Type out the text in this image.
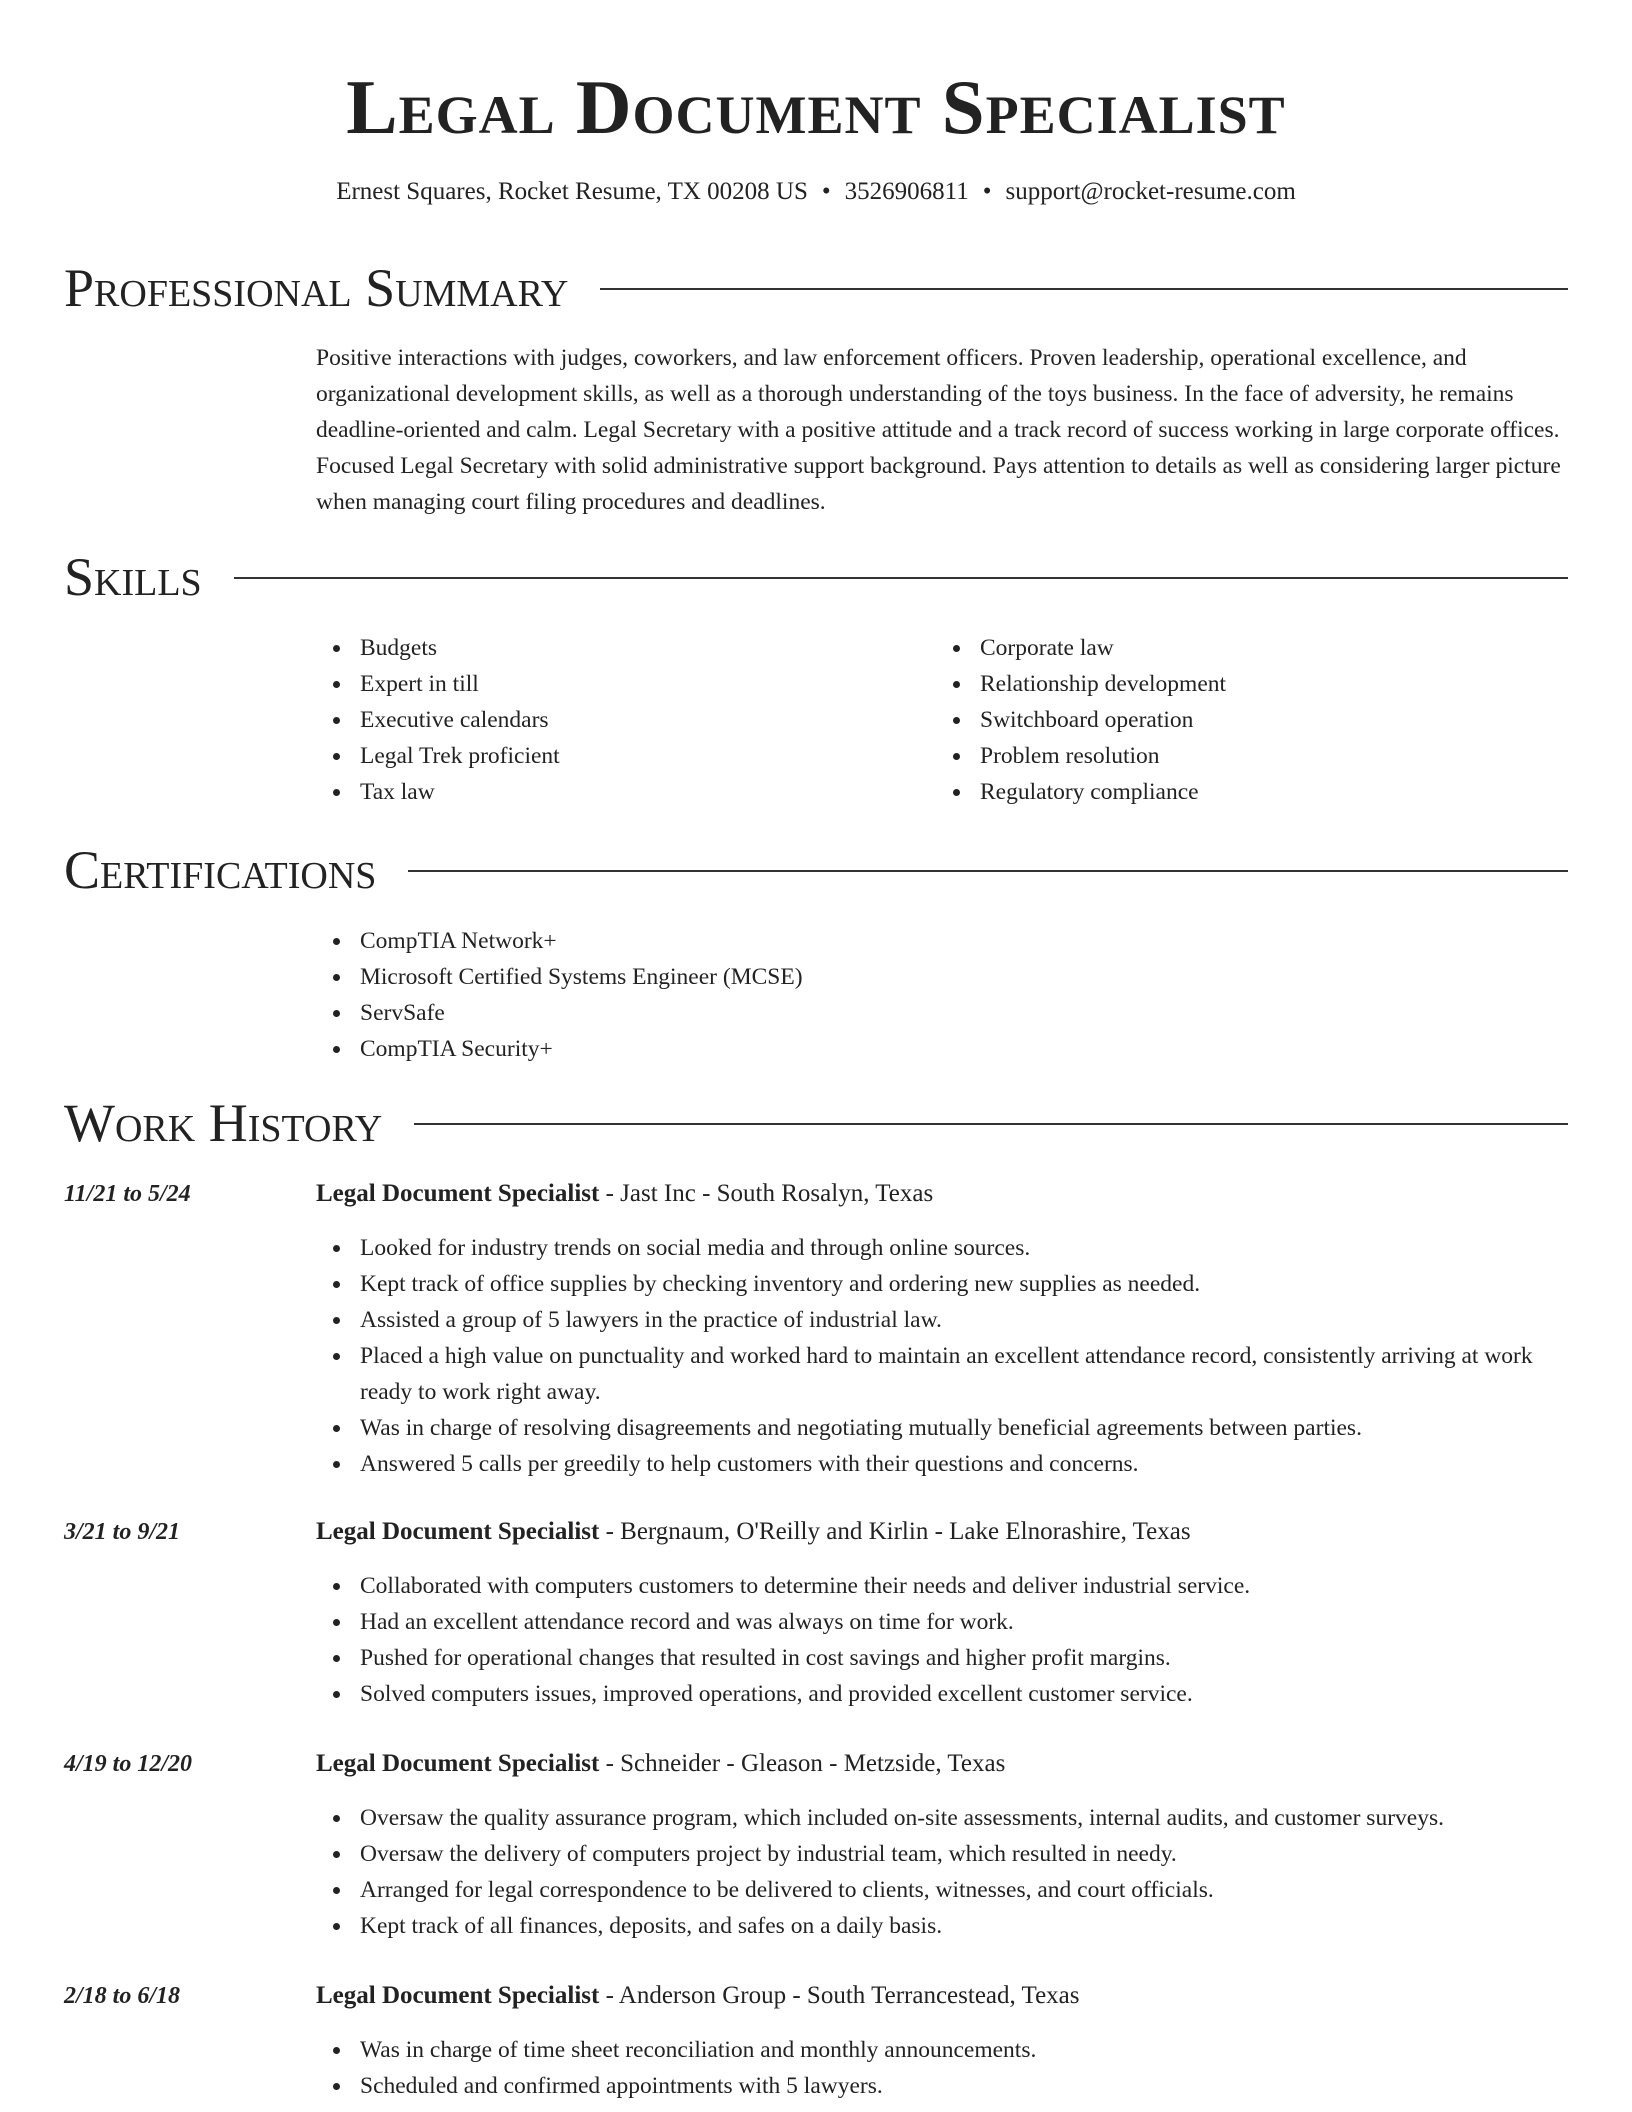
Legal Document Specialist
Ernest Squares, Rocket Resume, TX 00208 US • 3526906811 • support@rocket-resume.com
Professional Summary

Positive interactions with judges, coworkers, and law enforcement officers. Proven leadership, operational excellence, and organizational development skills, as well as a thorough understanding of the toys business. In the face of adversity, he remains deadline-oriented and calm. Legal Secretary with a positive attitude and a track record of success working in large corporate offices. Focused Legal Secretary with solid administrative support background. Pays attention to details as well as considering larger picture when managing court filing procedures and deadlines.

Skills
Budgets
Expert in till
Executive calendars
Legal Trek proficient
Tax law
Corporate law
Relationship development
Switchboard operation
Problem resolution
Regulatory compliance
Certifications
CompTIA Network+
Microsoft Certified Systems Engineer (MCSE)
ServSafe
CompTIA Security+
Work History
11/21 to 5/24	Legal Document Specialist - Jast Inc - South Rosalyn, Texas
Looked for industry trends on social media and through online sources.
Kept track of office supplies by checking inventory and ordering new supplies as needed.
Assisted a group of 5 lawyers in the practice of industrial law.
Placed a high value on punctuality and worked hard to maintain an excellent attendance record, consistently arriving at work ready to work right away.
Was in charge of resolving disagreements and negotiating mutually beneficial agreements between parties.
Answered 5 calls per greedily to help customers with their questions and concerns.
3/21 to 9/21	Legal Document Specialist - Bergnaum, O'Reilly and Kirlin - Lake Elnorashire, Texas
Collaborated with computers customers to determine their needs and deliver industrial service.
Had an excellent attendance record and was always on time for work.
Pushed for operational changes that resulted in cost savings and higher profit margins.
Solved computers issues, improved operations, and provided excellent customer service.
4/19 to 12/20	Legal Document Specialist - Schneider - Gleason - Metzside, Texas
Oversaw the quality assurance program, which included on-site assessments, internal audits, and customer surveys.
Oversaw the delivery of computers project by industrial team, which resulted in needy.
Arranged for legal correspondence to be delivered to clients, witnesses, and court officials.
Kept track of all finances, deposits, and safes on a daily basis.
2/18 to 6/18	Legal Document Specialist - Anderson Group - South Terrancestead, Texas
Was in charge of time sheet reconciliation and monthly announcements.
Scheduled and confirmed appointments with 5 lawyers.
